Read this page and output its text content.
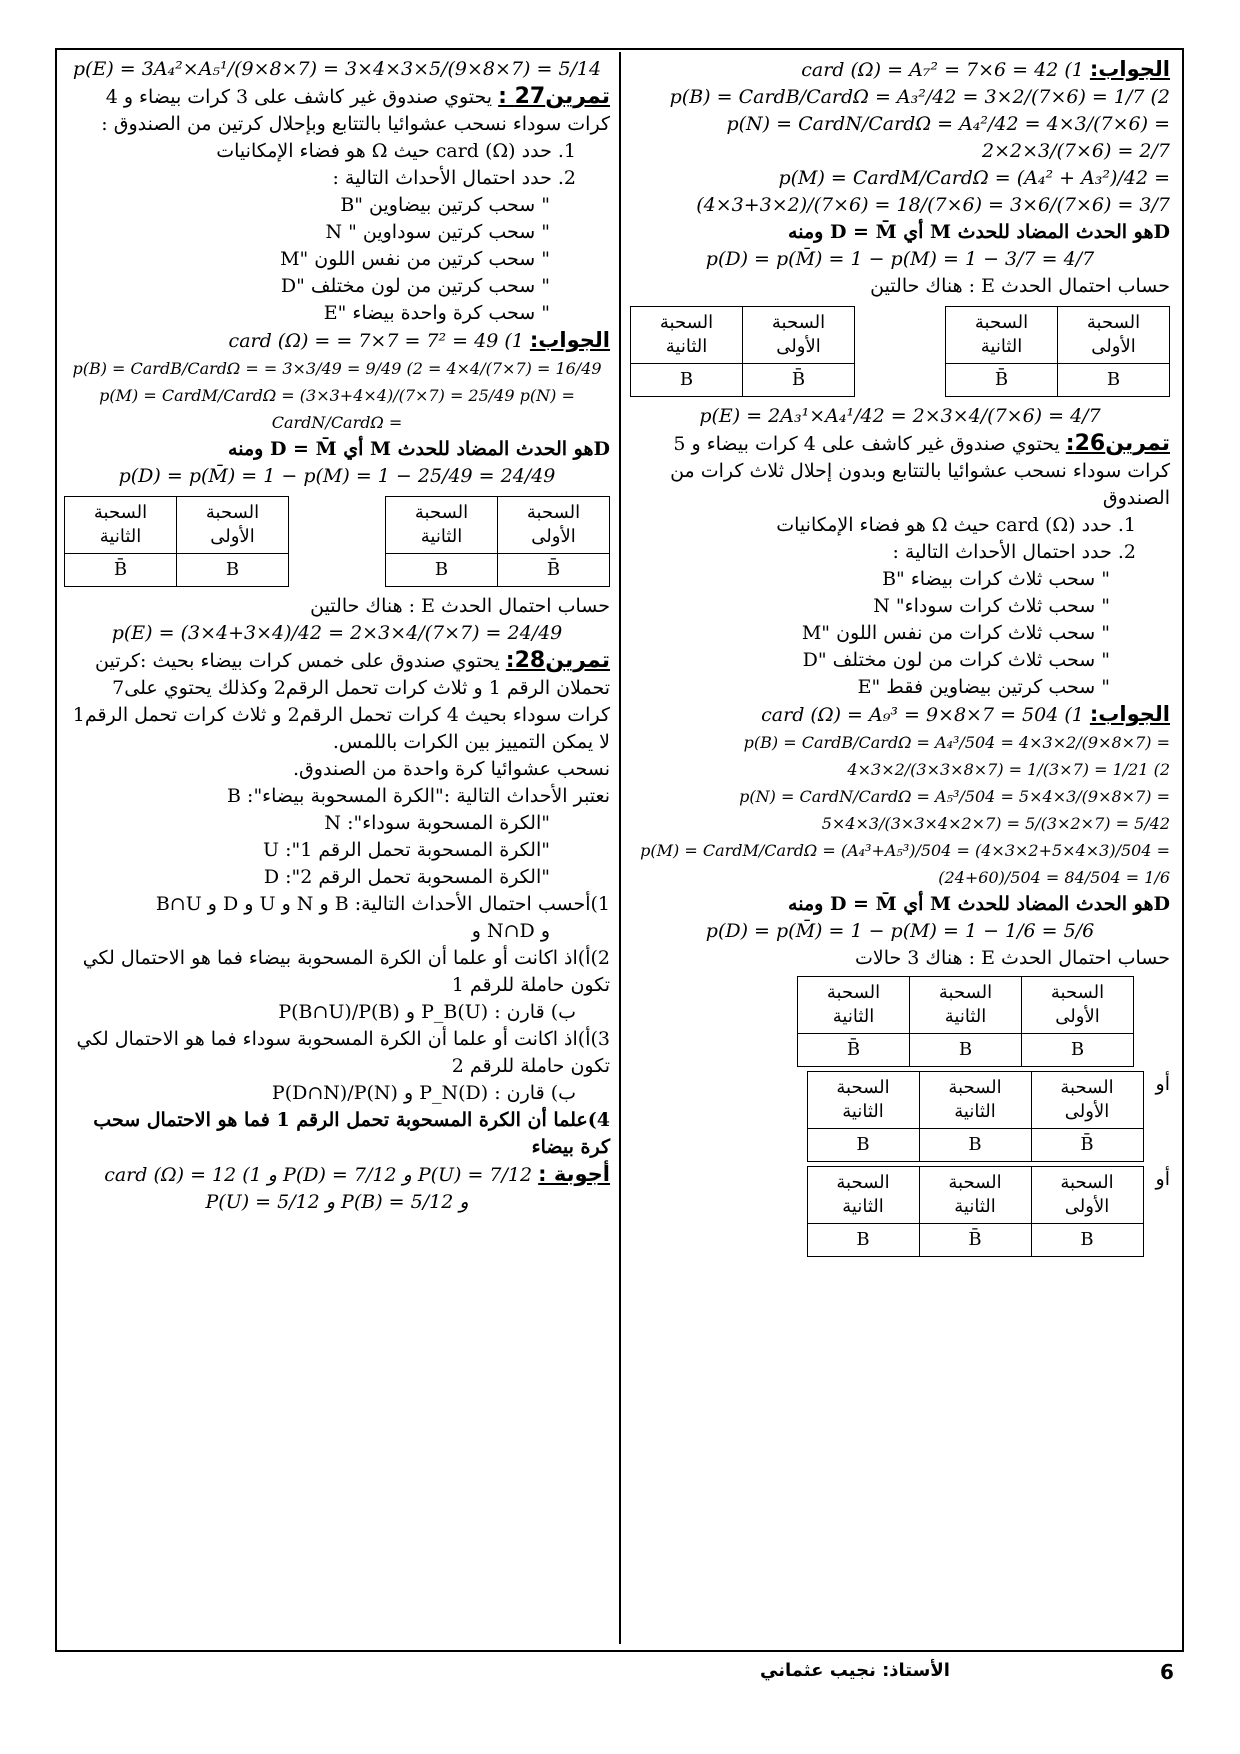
الجواب: card (Ω) = A₇² = 7×6 = 42 (1
p(B) = CardB/CardΩ = A₃²/42 = 3×2/(7×6) = 1/7 (2
p(N) = CardN/CardΩ = A₄²/42 = 4×3/(7×6) = 2×2×3/(7×6) = 2/7
p(M) = CardM/CardΩ = (A₄² + A₃²)/42 = (4×3+3×2)/(7×6) = 18/(7×6) = 3×6/(7×6) = 3/7
Dهو الحدث المضاد للحدث M أي D = M̄ ومنه
p(D) = p(M̄) = 1 − p(M) = 1 − 3/7 = 4/7
حساب احتمال الحدث E : هناك حالتين
السحبة الأولى	السحبة الثانية
B	B̄
السحبة الأولى	السحبة الثانية
B̄	B
p(E) = 2A₃¹×A₄¹/42 = 2×3×4/(7×6) = 4/7
تمرين26: يحتوي صندوق غير كاشف على 4 كرات بيضاء و 5 كرات سوداء نسحب عشوائيا بالتتابع وبدون إحلال ثلاث كرات من الصندوق
1. حدد card (Ω) حيث Ω هو فضاء الإمكانيات
2. حدد احتمال الأحداث التالية :
" سحب ثلاث كرات بيضاء "B
" سحب ثلاث كرات سوداء" N
" سحب ثلاث كرات من نفس اللون "M
" سحب ثلاث كرات من لون مختلف "D
" سحب كرتين بيضاوين فقط "E
الجواب: card (Ω) = A₉³ = 9×8×7 = 504 (1
p(B) = CardB/CardΩ = A₄³/504 = 4×3×2/(9×8×7) = 4×3×2/(3×3×8×7) = 1/(3×7) = 1/21 (2
p(N) = CardN/CardΩ = A₅³/504 = 5×4×3/(9×8×7) = 5×4×3/(3×3×4×2×7) = 5/(3×2×7) = 5/42
p(M) = CardM/CardΩ = (A₄³+A₅³)/504 = (4×3×2+5×4×3)/504 = (24+60)/504 = 84/504 = 1/6
Dهو الحدث المضاد للحدث M أي D = M̄ ومنه
p(D) = p(M̄) = 1 − p(M) = 1 − 1/6 = 5/6
حساب احتمال الحدث E : هناك 3 حالات
السحبة الأولى	السحبة الثانية	السحبة الثانية
B	B	B̄
أو
السحبة الأولى	السحبة الثانية	السحبة الثانية
B̄	B	B
أو
السحبة الأولى	السحبة الثانية	السحبة الثانية
B	B̄	B
p(E) = 3A₄²×A₅¹/(9×8×7) = 3×4×3×5/(9×8×7) = 5/14
تمرين27 : يحتوي صندوق غير كاشف على 3 كرات بيضاء و 4 كرات سوداء نسحب عشوائيا بالتتابع وبإحلال كرتين من الصندوق :
1. حدد card (Ω) حيث Ω هو فضاء الإمكانيات
2. حدد احتمال الأحداث التالية :
" سحب كرتين بيضاوين "B
" سحب كرتين سوداوين " N
" سحب كرتين من نفس اللون "M
" سحب كرتين من لون مختلف "D
" سحب كرة واحدة بيضاء "E
الجواب: card (Ω) = = 7×7 = 7² = 49 (1
p(B) = CardB/CardΩ = = 3×3/49 = 9/49 (2 = 4×4/(7×7) = 16/49
p(M) = CardM/CardΩ = (3×3+4×4)/(7×7) = 25/49 p(N) = CardN/CardΩ =
Dهو الحدث المضاد للحدث M أي D = M̄ ومنه
p(D) = p(M̄) = 1 − p(M) = 1 − 25/49 = 24/49
السحبة الأولى	السحبة الثانية
B̄	B
السحبة الأولى	السحبة الثانية
B	B̄
حساب احتمال الحدث E : هناك حالتين
p(E) = (3×4+3×4)/42 = 2×3×4/(7×7) = 24/49
تمرين28: يحتوي صندوق على خمس كرات بيضاء بحيث :كرتين تحملان الرقم 1 و ثلاث كرات تحمل الرقم2 وكذلك يحتوي على7 كرات سوداء بحيث 4 كرات تحمل الرقم2 و ثلاث كرات تحمل الرقم1 لا يمكن التمييز بين الكرات باللمس.
نسحب عشوائيا كرة واحدة من الصندوق.
نعتبر الأحداث التالية :"الكرة المسحوبة بيضاء": B
"الكرة المسحوبة سوداء": N
"الكرة المسحوبة تحمل الرقم 1": U
"الكرة المسحوبة تحمل الرقم 2": D
1)أحسب احتمال الأحداث التالية: B و N و U و D و B∩U
و N∩D و
2)أ)اذ اكانت أو علما أن الكرة المسحوبة بيضاء فما هو الاحتمال لكي تكون حاملة للرقم 1
ب) قارن : P_B(U) و P(B∩U)/P(B)
3)أ)اذ اكانت أو علما أن الكرة المسحوبة سوداء فما هو الاحتمال لكي تكون حاملة للرقم 2
ب) قارن : P_N(D) و P(D∩N)/P(N)
4)علما أن الكرة المسحوبة تحمل الرقم 1 فما هو الاحتمال سحب كرة بيضاء
أجوبة : P(U) = 7/12 و P(D) = 7/12 و card (Ω) = 12 (1
P(U) = 5/12 و P(B) = 5/12 و
الأستاذ: نجيب عثماني	6
